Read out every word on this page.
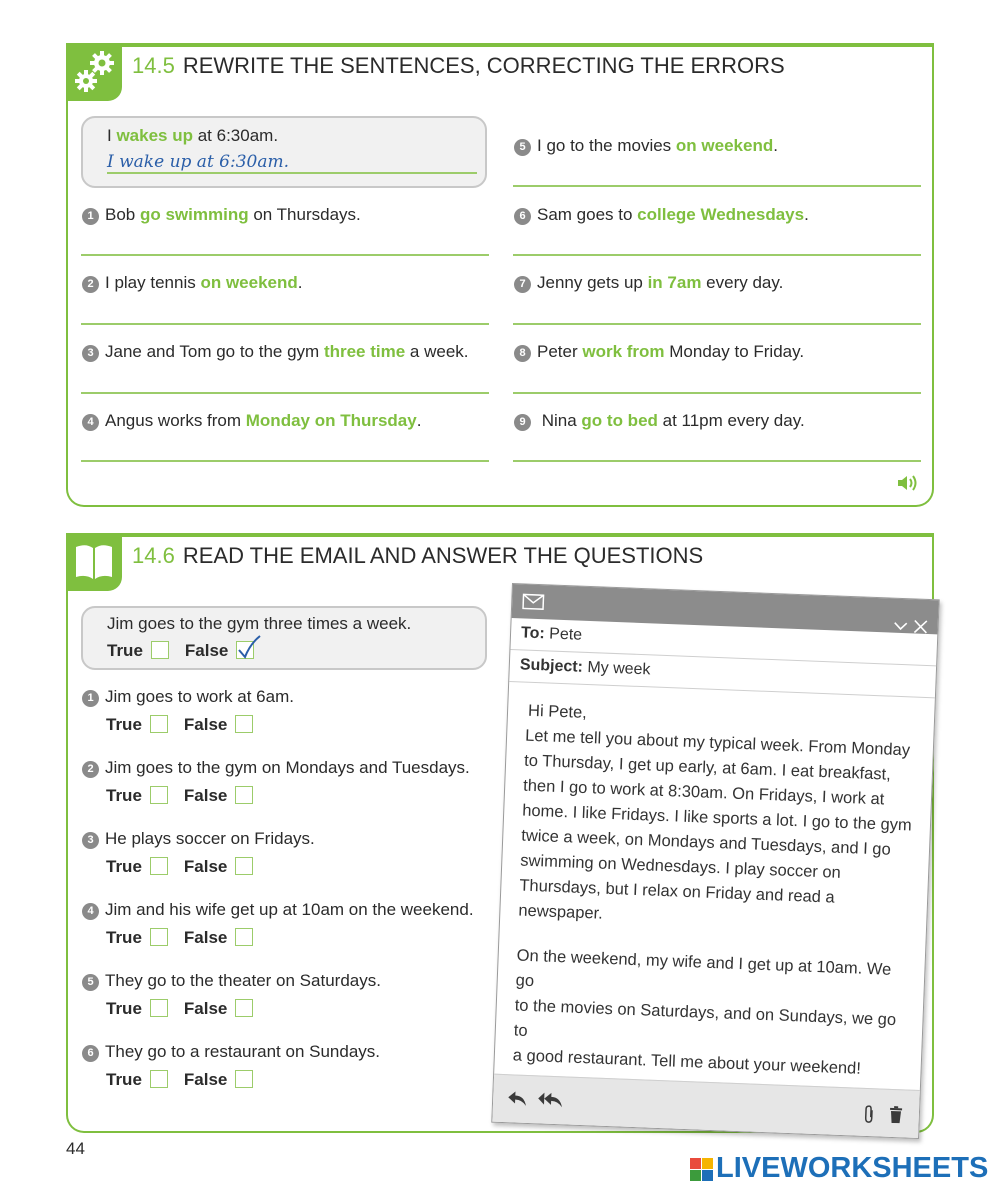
14.5 REWRITE THE SENTENCES, CORRECTING THE ERRORS
I wakes up at 6:30am.
I wake up at 6:30am.
1 Bob go swimming on Thursdays.
2 I play tennis on weekend.
3 Jane and Tom go to the gym three time a week.
4 Angus works from Monday on Thursday.
5 I go to the movies on weekend.
6 Sam goes to college Wednesdays.
7 Jenny gets up in 7am every day.
8 Peter work from Monday to Friday.
9 Nina go to bed at 11pm every day.
14.6 READ THE EMAIL AND ANSWER THE QUESTIONS
Jim goes to the gym three times a week.
True False
1 Jim goes to work at 6am.
True False
2 Jim goes to the gym on Mondays and Tuesdays.
True False
3 He plays soccer on Fridays.
True False
4 Jim and his wife get up at 10am on the weekend.
True False
5 They go to the theater on Saturdays.
True False
6 They go to a restaurant on Sundays.
True False
To: Pete
Subject: My week

Hi Pete,

Let me tell you about my typical week. From Monday

to Thursday, I get up early, at 6am. I eat breakfast,

then I go to work at 8:30am. On Fridays, I work at

home. I like Fridays. I like sports a lot. I go to the gym

twice a week, on Mondays and Tuesdays, and I go

swimming on Wednesdays. I play soccer on

Thursdays, but I relax on Friday and read a newspaper.

On the weekend, my wife and I get up at 10am. We go

to the movies on Saturdays, and on Sundays, we go to

a good restaurant. Tell me about your weekend!

44
LIVEWORKSHEETS
